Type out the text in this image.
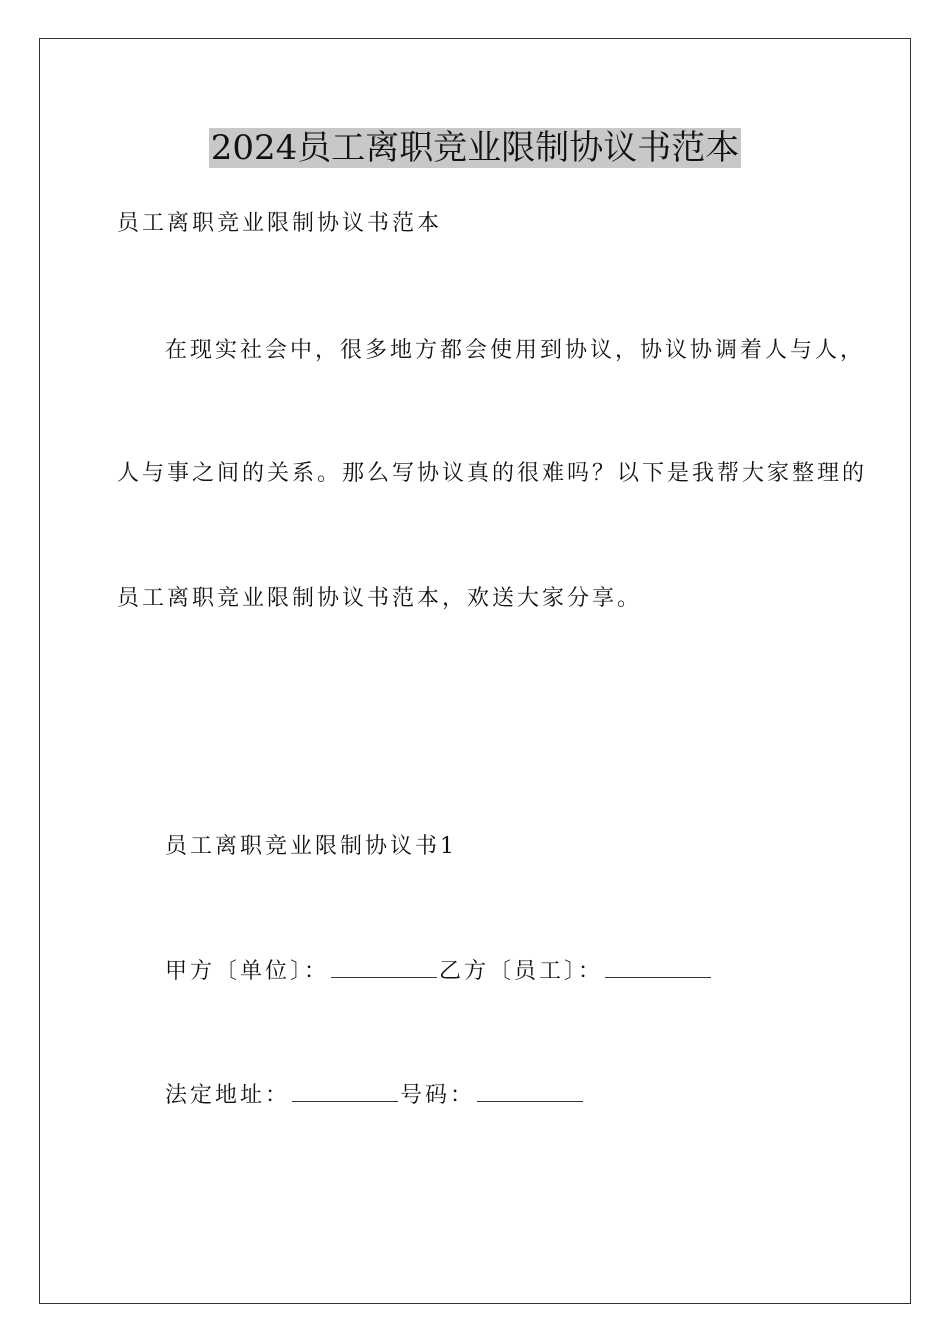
2024员工离职竞业限制协议书范本
员工离职竞业限制协议书范本
在现实社会中，很多地方都会使用到协议，协议协调着人与人，
人与事之间的关系。那么写协议真的很难吗？以下是我帮大家整理的
员工离职竞业限制协议书范本，欢送大家分享。
员工离职竞业限制协议书1
甲方〔单位〕：	乙方〔员工〕：
法定地址：	号码：
